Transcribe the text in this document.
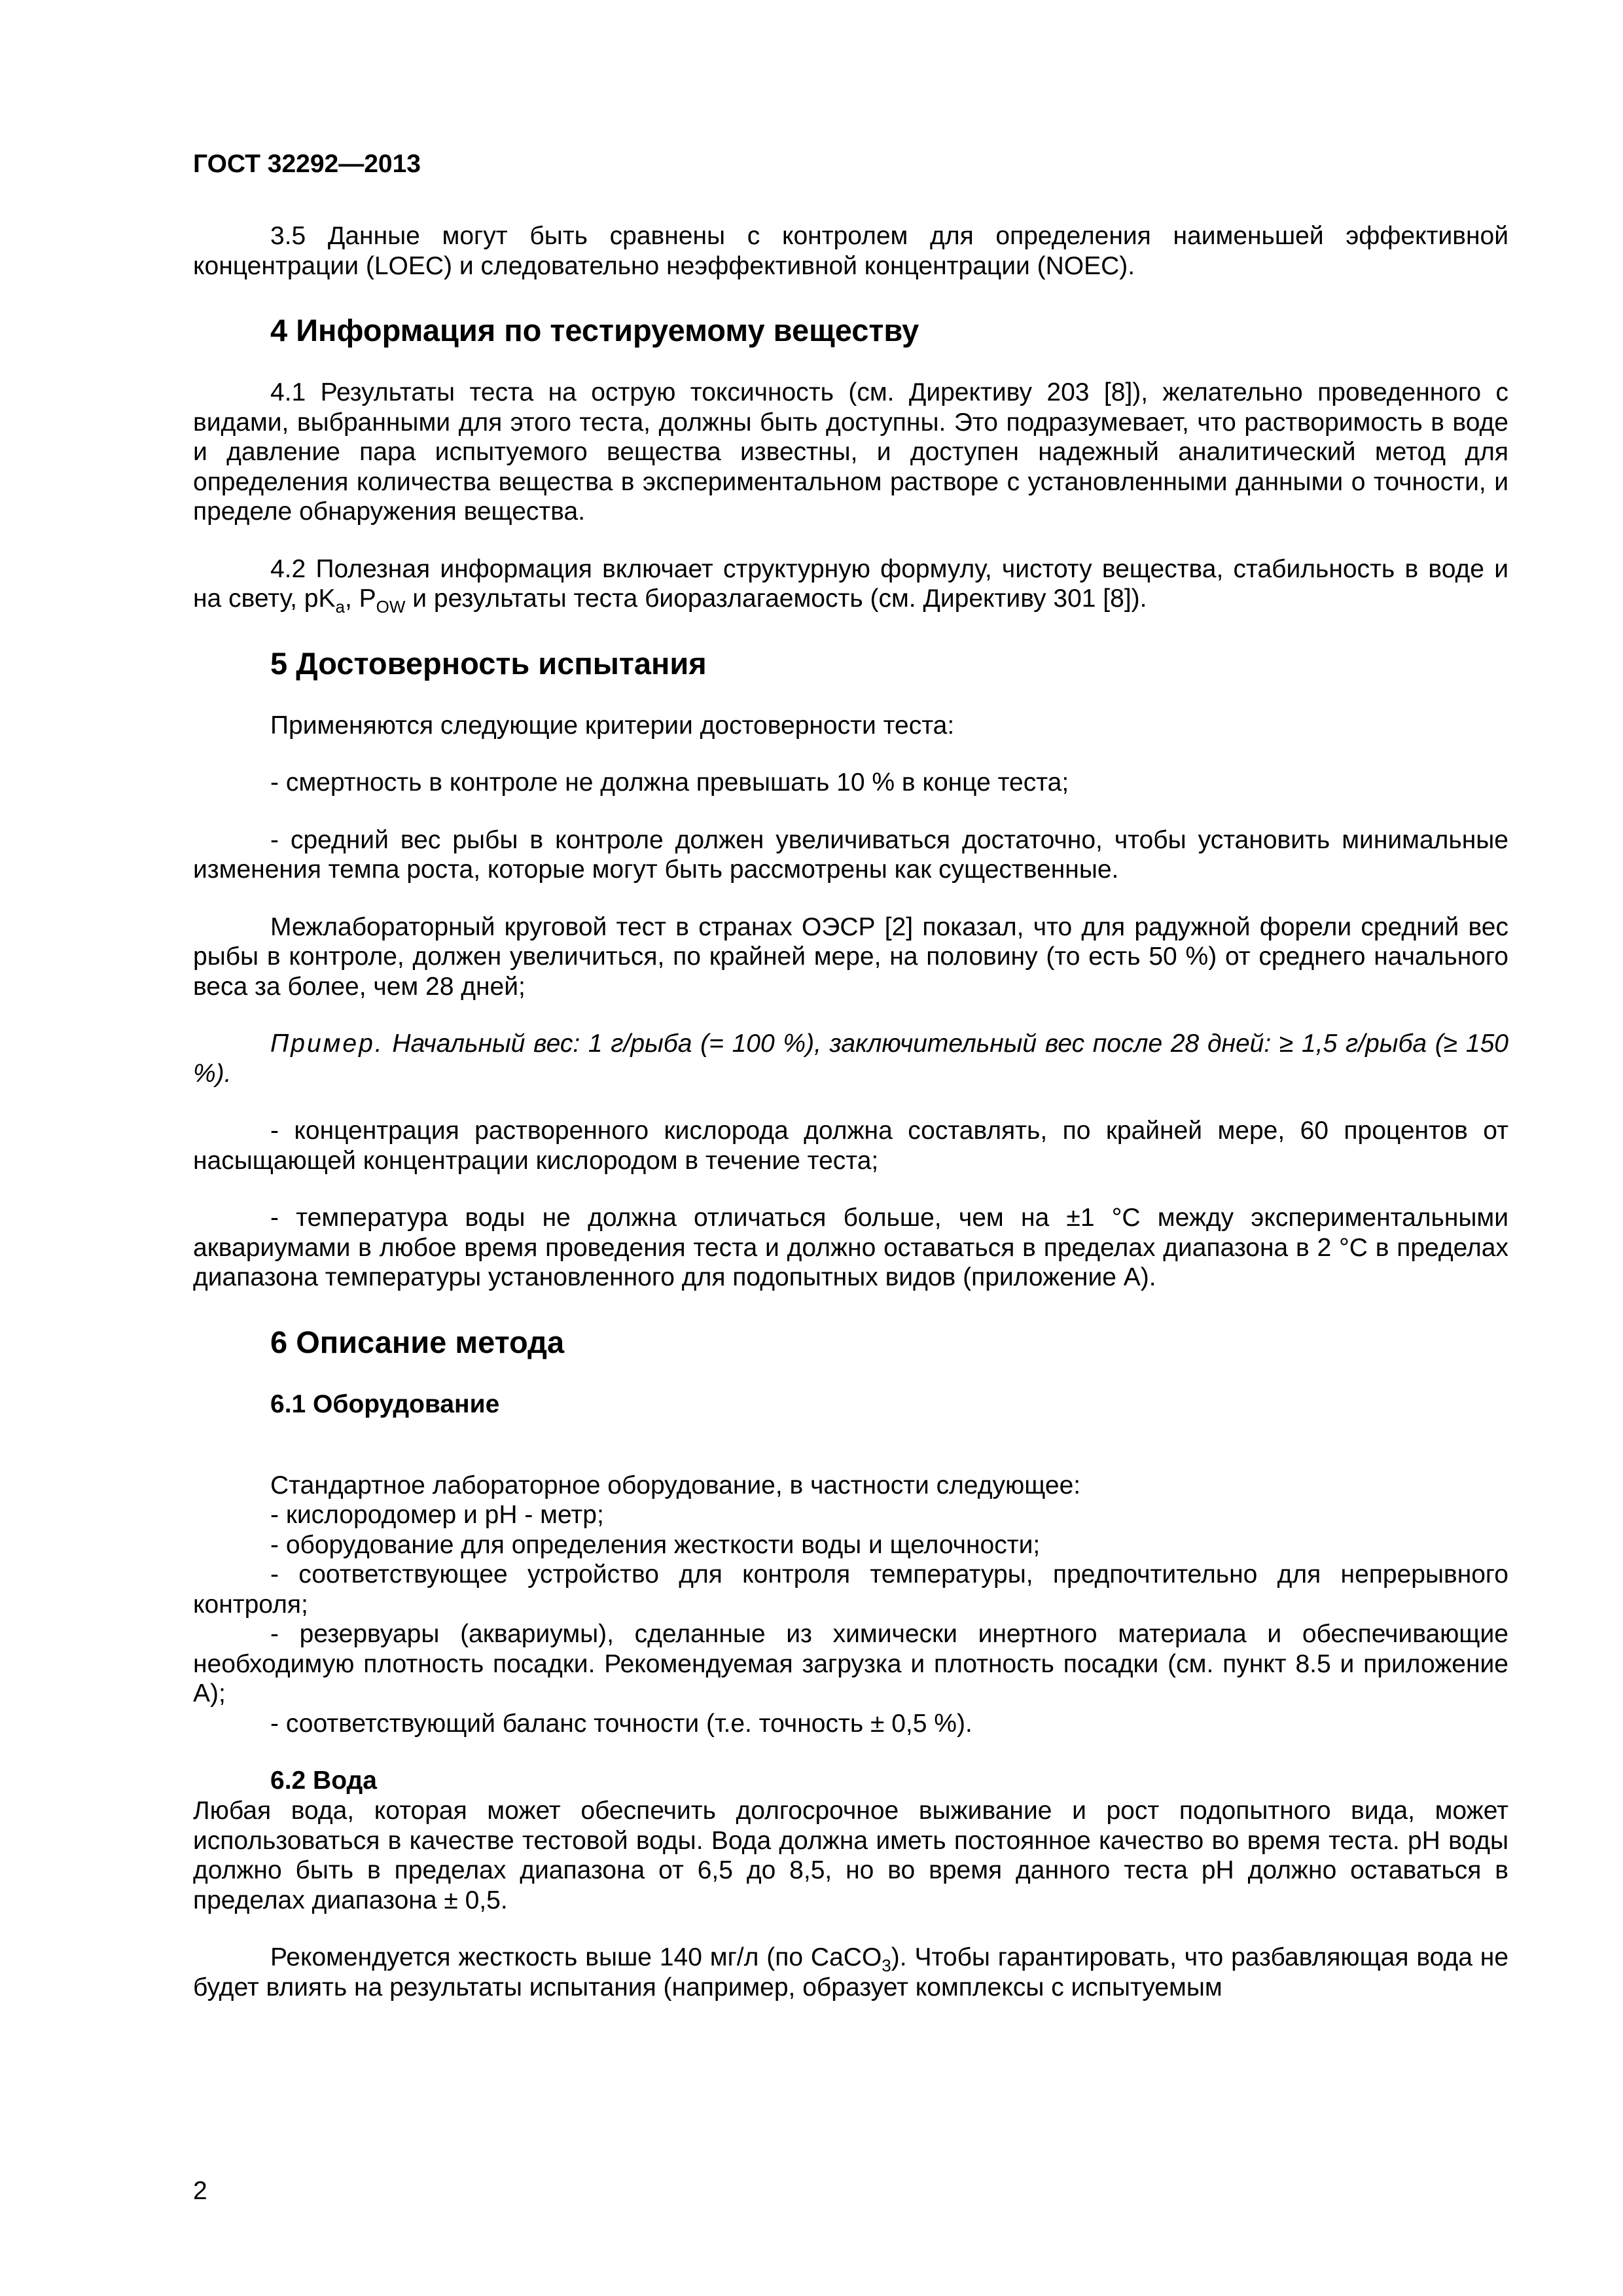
ГОСТ 32292—2013

3.5 Данные могут быть сравнены с контролем для определения наименьшей эффективной концентрации (LOEC) и следовательно неэффективной концентрации (NOEC).

4 Информация по тестируемому веществу

4.1 Результаты теста на острую токсичность (см. Директиву 203 [8]), желательно проведенного с видами, выбранными для этого теста, должны быть доступны. Это подразумевает, что растворимость в воде и давление пара испытуемого вещества известны, и доступен надежный аналитический метод для определения количества вещества в экспериментальном растворе с установленными данными о точности, и пределе обнаружения вещества.

4.2 Полезная информация включает структурную формулу, чистоту вещества, стабильность в воде и на свету, $pK_a$, $P_{OW}$ и результаты теста биоразлагаемость (см. Директиву 301 [8]).

5 Достоверность испытания

Применяются следующие критерии достоверности теста:

- смертность в контроле не должна превышать 10 % в конце теста;

- средний вес рыбы в контроле должен увеличиваться достаточно, чтобы установить минимальные изменения темпа роста, которые могут быть рассмотрены как существенные.

Межлабораторный круговой тест в странах ОЭСР [2] показал, что для радужной форели средний вес рыбы в контроле, должен увеличиться, по крайней мере, на половину (то есть 50 %) от среднего начального веса за более, чем 28 дней;

Пример. Начальный вес: 1 г/рыба (= 100 %), заключительный вес после 28 дней: ≥ 1,5 г/рыба (≥ 150 %).

- концентрация растворенного кислорода должна составлять, по крайней мере, 60 процентов от насыщающей концентрации кислородом в течение теста;

- температура воды не должна отличаться больше, чем на ±1 °С между экспериментальными аквариумами в любое время проведения теста и должно оставаться в пределах диапазона в 2 °С в пределах диапазона температуры установленного для подопытных видов (приложение А).

6 Описание метода
6.1 Оборудование

Стандартное лабораторное оборудование, в частности следующее:

- кислородомер и pH - метр;

- оборудование для определения жесткости воды и щелочности;

- соответствующее устройство для контроля температуры, предпочтительно для непрерывного контроля;

- резервуары (аквариумы), сделанные из химически инертного материала и обеспечивающие необходимую плотность посадки. Рекомендуемая загрузка и плотность посадки (см. пункт 8.5 и приложение А);

- соответствующий баланс точности (т.е. точность ± 0,5 %).

6.2 Вода

Любая вода, которая может обеспечить долгосрочное выживание и рост подопытного вида, может использоваться в качестве тестовой воды. Вода должна иметь постоянное качество во время теста. pH воды должно быть в пределах диапазона от 6,5 до 8,5, но во время данного теста pH должно оставаться в пределах диапазона ± 0,5.

Рекомендуется жесткость выше 140 мг/л (по CaCO$_3$). Чтобы гарантировать, что разбавляющая вода не будет влиять на результаты испытания (например, образует комплексы с испытуемым

2
